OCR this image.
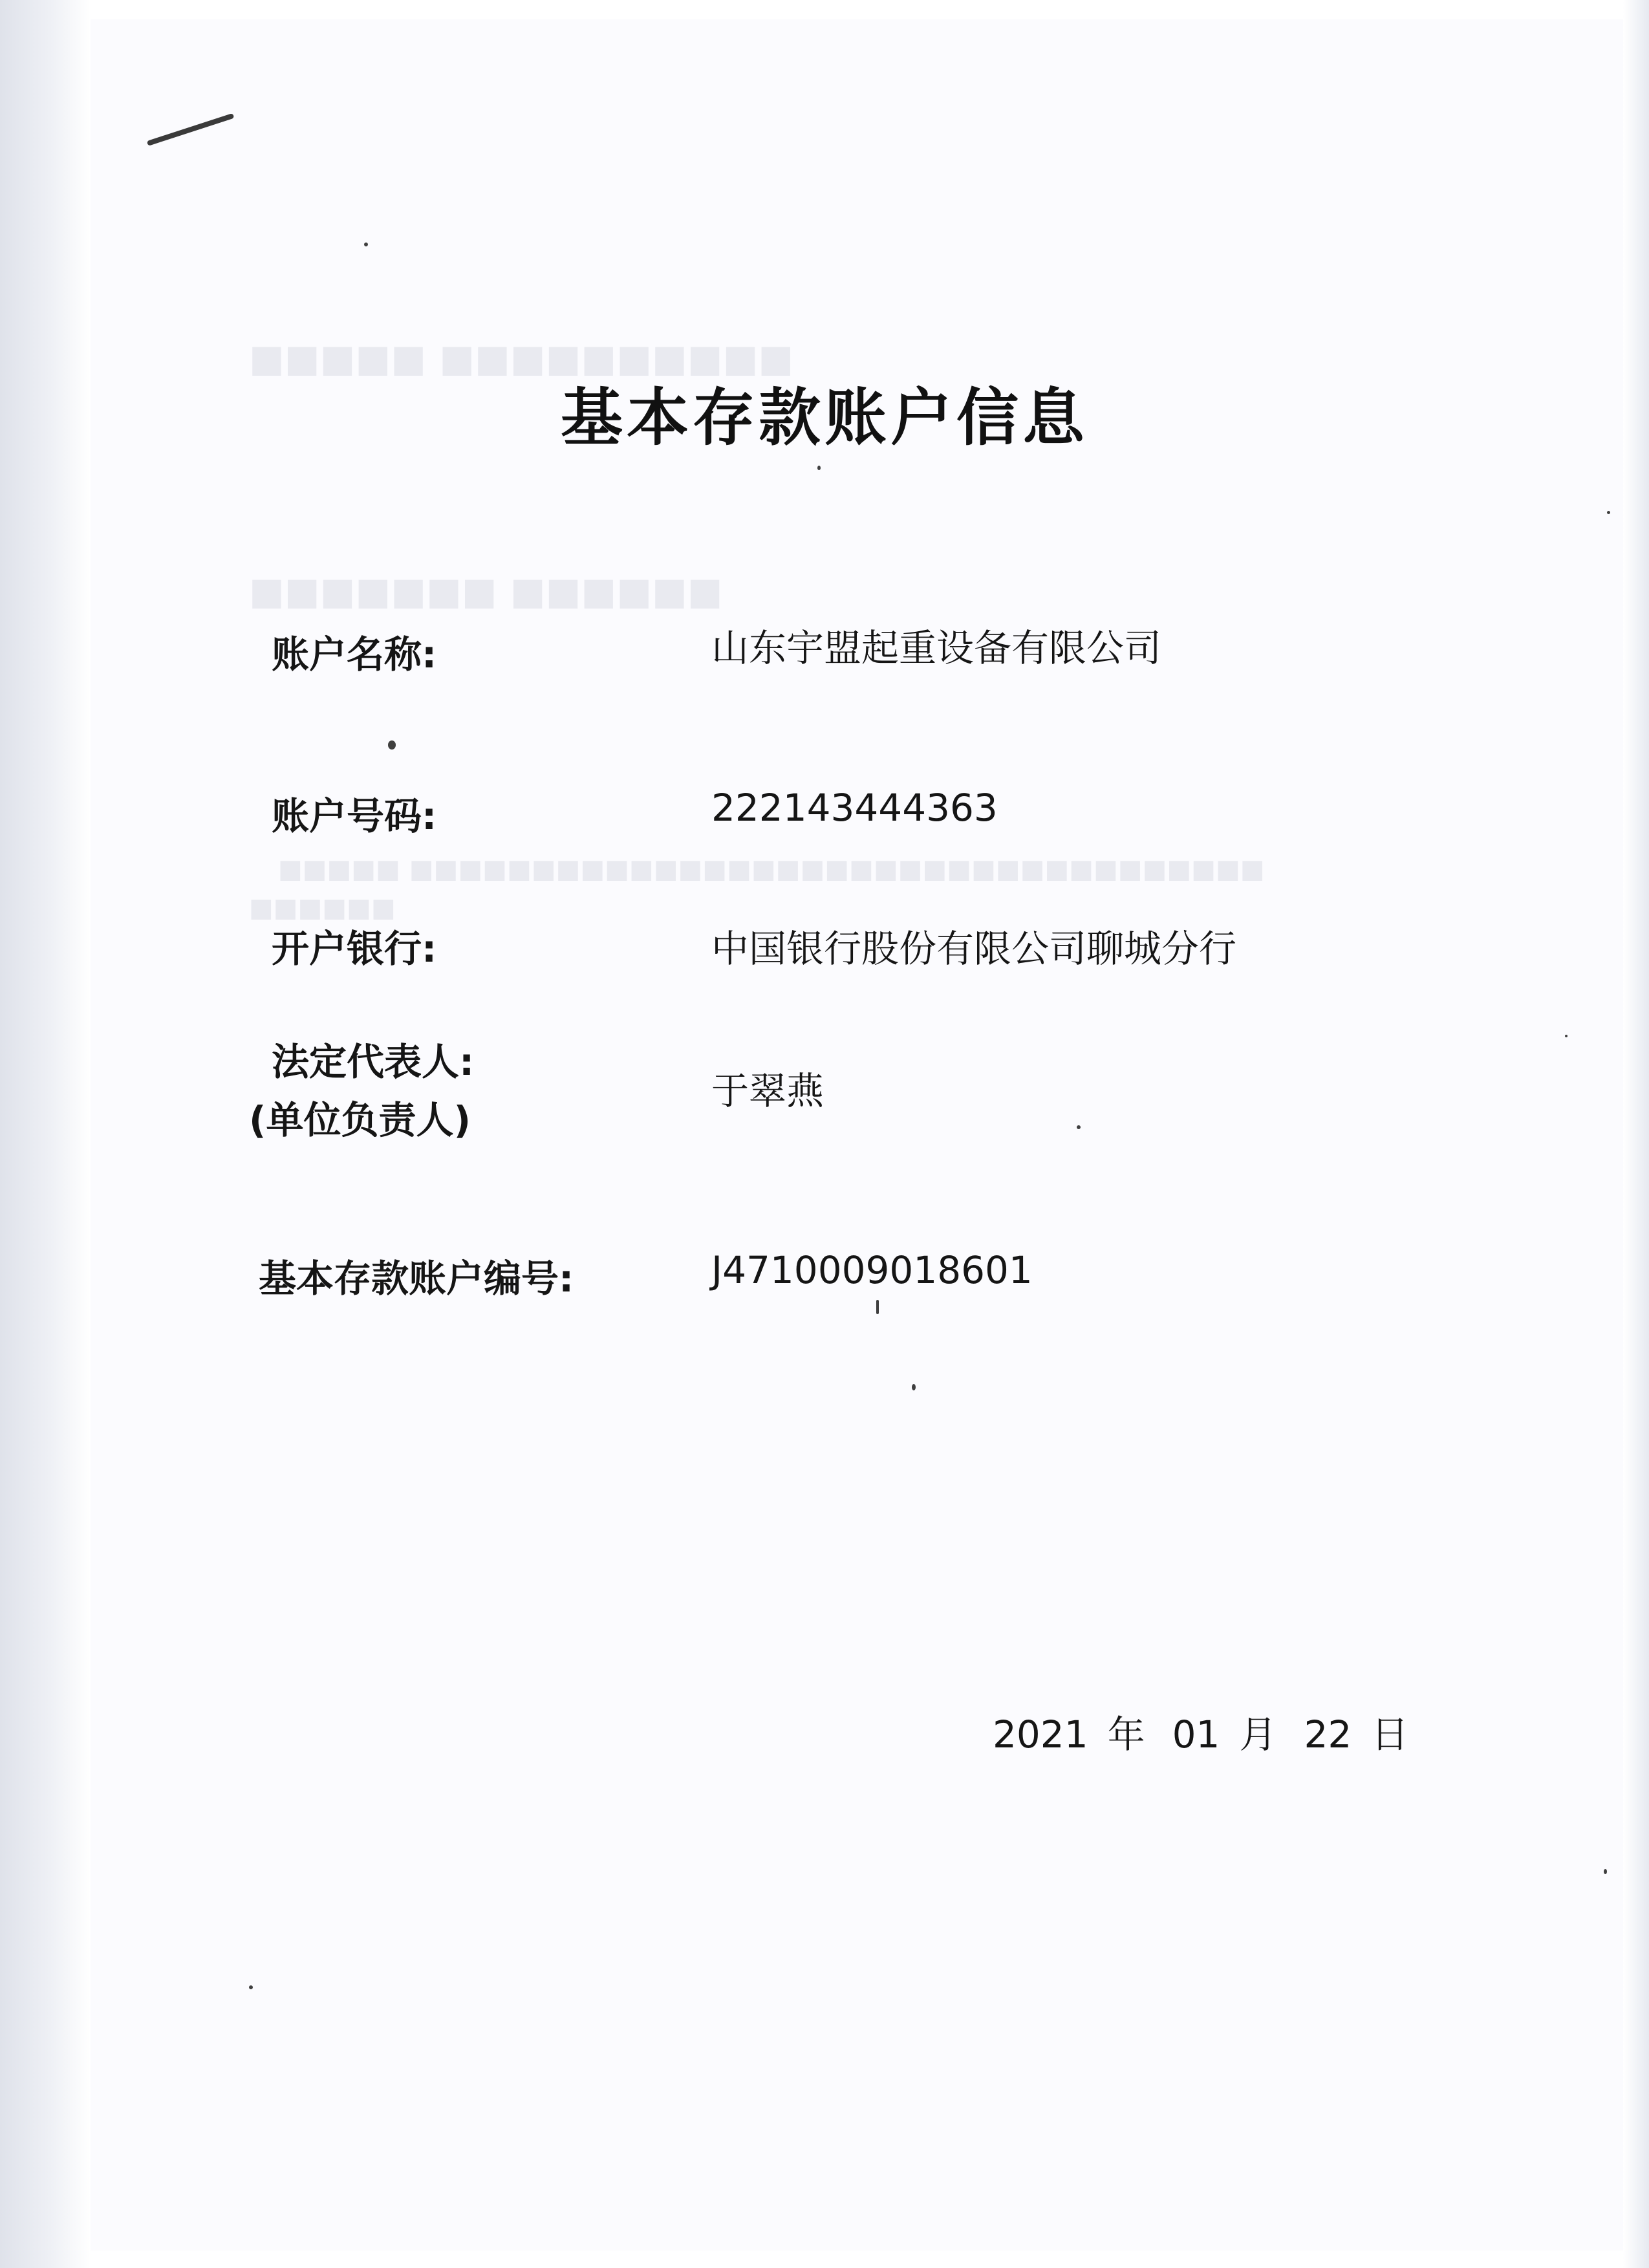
■■■■■ ■■■■■■■■■■
■■■■■■■ ■■■■■■
■■■■■ ■■■■■■■■■■■■■■■■■■■■■■■■■■■■■■■■■■■
■■■■■■
基本存款账户信息
账户名称:	山东宇盟起重设备有限公司
账户号码:	222143444363
开户银行:	中国银行股份有限公司聊城分行
法定代表人:
(单位负责人)
于翠燕
基本存款账户编号:	J4710009018601
2021 年 01 月 22 日
